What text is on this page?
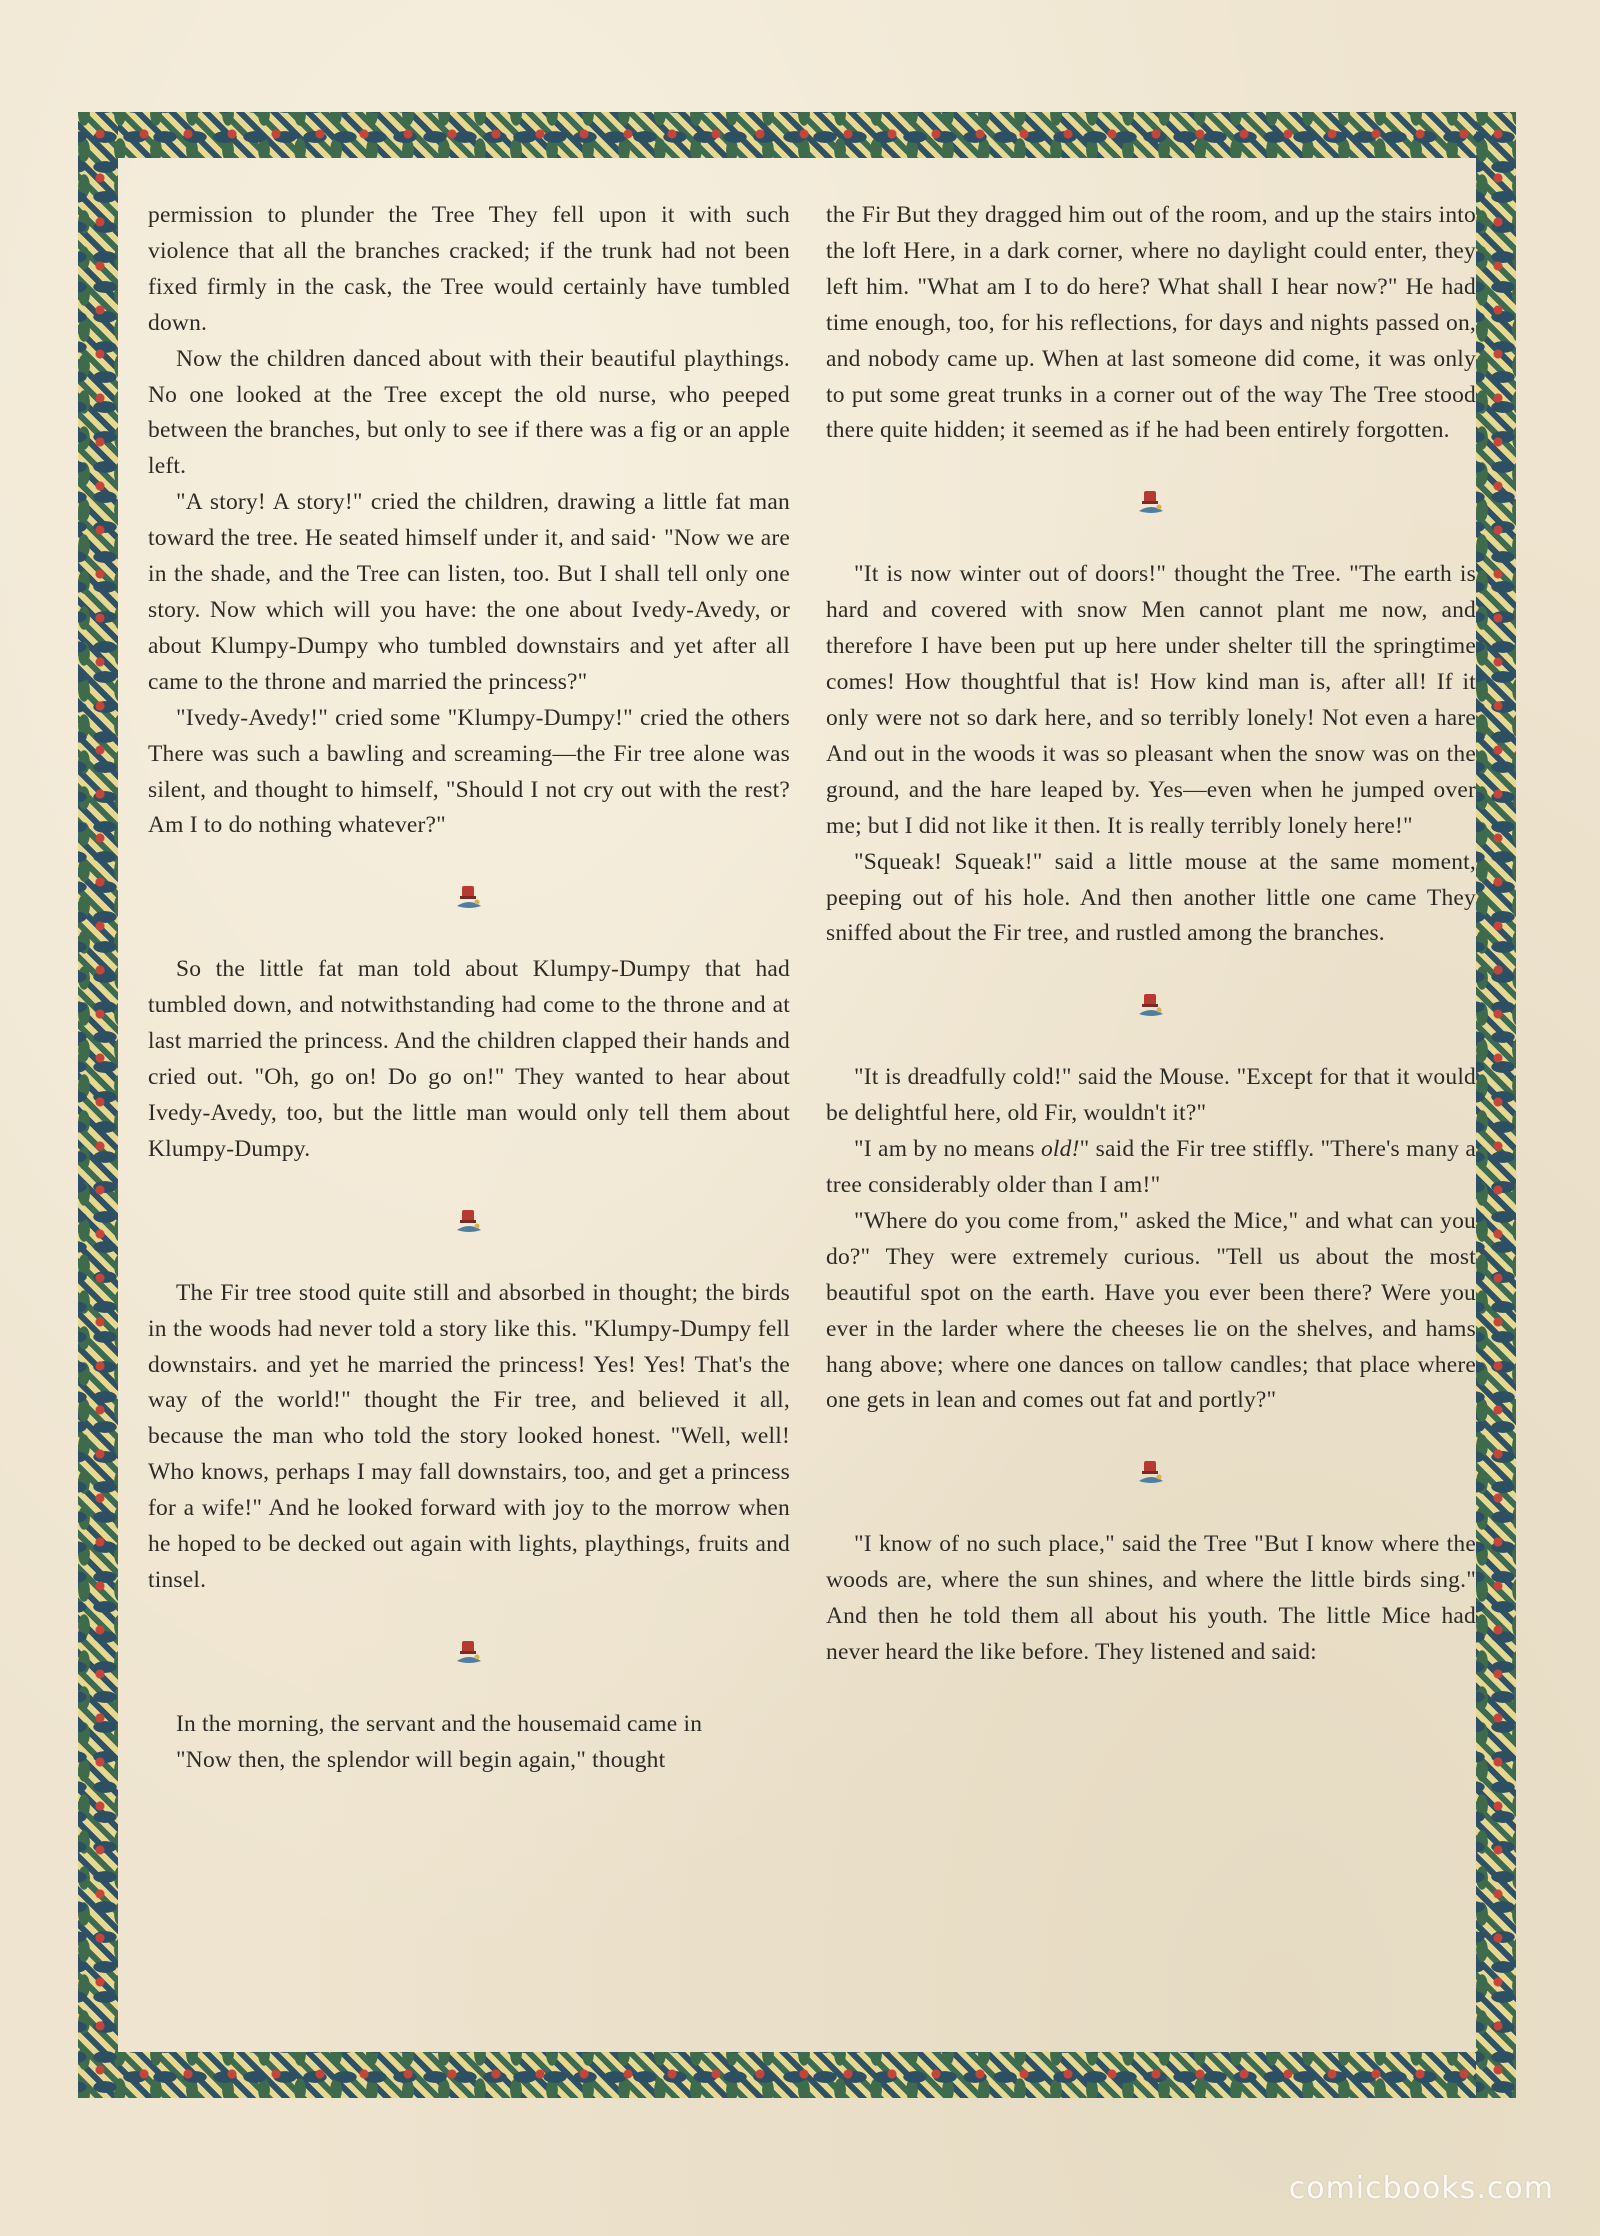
permission to plunder the Tree They fell upon it with such violence that all the branches cracked; if the trunk had not been fixed firmly in the cask, the Tree would certainly have tumbled down.

Now the children danced about with their beautiful playthings. No one looked at the Tree except the old nurse, who peeped between the branches, but only to see if there was a fig or an apple left.

"A story! A story!" cried the children, drawing a little fat man toward the tree. He seated himself under it, and said· "Now we are in the shade, and the Tree can listen, too. But I shall tell only one story. Now which will you have: the one about Ivedy-Avedy, or about Klumpy-Dumpy who tumbled downstairs and yet after all came to the throne and married the princess?"

"Ivedy-Avedy!" cried some "Klumpy-Dumpy!" cried the others There was such a bawling and screaming—the Fir tree alone was silent, and thought to himself, "Should I not cry out with the rest? Am I to do nothing whatever?"

So the little fat man told about Klumpy-Dumpy that had tumbled down, and notwithstanding had come to the throne and at last married the princess. And the children clapped their hands and cried out. "Oh, go on! Do go on!" They wanted to hear about Ivedy-Avedy, too, but the little man would only tell them about Klumpy-Dumpy.

The Fir tree stood quite still and absorbed in thought; the birds in the woods had never told a story like this. "Klumpy-Dumpy fell downstairs. and yet he married the princess! Yes! Yes! That's the way of the world!" thought the Fir tree, and believed it all, because the man who told the story looked honest. "Well, well! Who knows, perhaps I may fall downstairs, too, and get a princess for a wife!" And he looked forward with joy to the morrow when he hoped to be decked out again with lights, playthings, fruits and tinsel.

In the morning, the servant and the housemaid came in

"Now then, the splendor will begin again," thought

the Fir But they dragged him out of the room, and up the stairs into the loft Here, in a dark corner, where no daylight could enter, they left him. "What am I to do here? What shall I hear now?" He had time enough, too, for his reflections, for days and nights passed on, and nobody came up. When at last someone did come, it was only to put some great trunks in a corner out of the way The Tree stood there quite hidden; it seemed as if he had been entirely forgotten.

"It is now winter out of doors!" thought the Tree. "The earth is hard and covered with snow Men cannot plant me now, and therefore I have been put up here under shelter till the springtime comes! How thoughtful that is! How kind man is, after all! If it only were not so dark here, and so terribly lonely! Not even a hare And out in the woods it was so pleasant when the snow was on the ground, and the hare leaped by. Yes—even when he jumped over me; but I did not like it then. It is really terribly lonely here!"

"Squeak! Squeak!" said a little mouse at the same moment, peeping out of his hole. And then another little one came They sniffed about the Fir tree, and rustled among the branches.

"It is dreadfully cold!" said the Mouse. "Except for that it would be delightful here, old Fir, wouldn't it?"

"I am by no means old!" said the Fir tree stiffly. "There's many a tree considerably older than I am!"

"Where do you come from," asked the Mice," and what can you do?" They were extremely curious. "Tell us about the most beautiful spot on the earth. Have you ever been there? Were you ever in the larder where the cheeses lie on the shelves, and hams hang above; where one dances on tallow candles; that place where one gets in lean and comes out fat and portly?"

"I know of no such place," said the Tree "But I know where the woods are, where the sun shines, and where the little birds sing." And then he told them all about his youth. The little Mice had never heard the like before. They listened and said:

comicbooks.com
